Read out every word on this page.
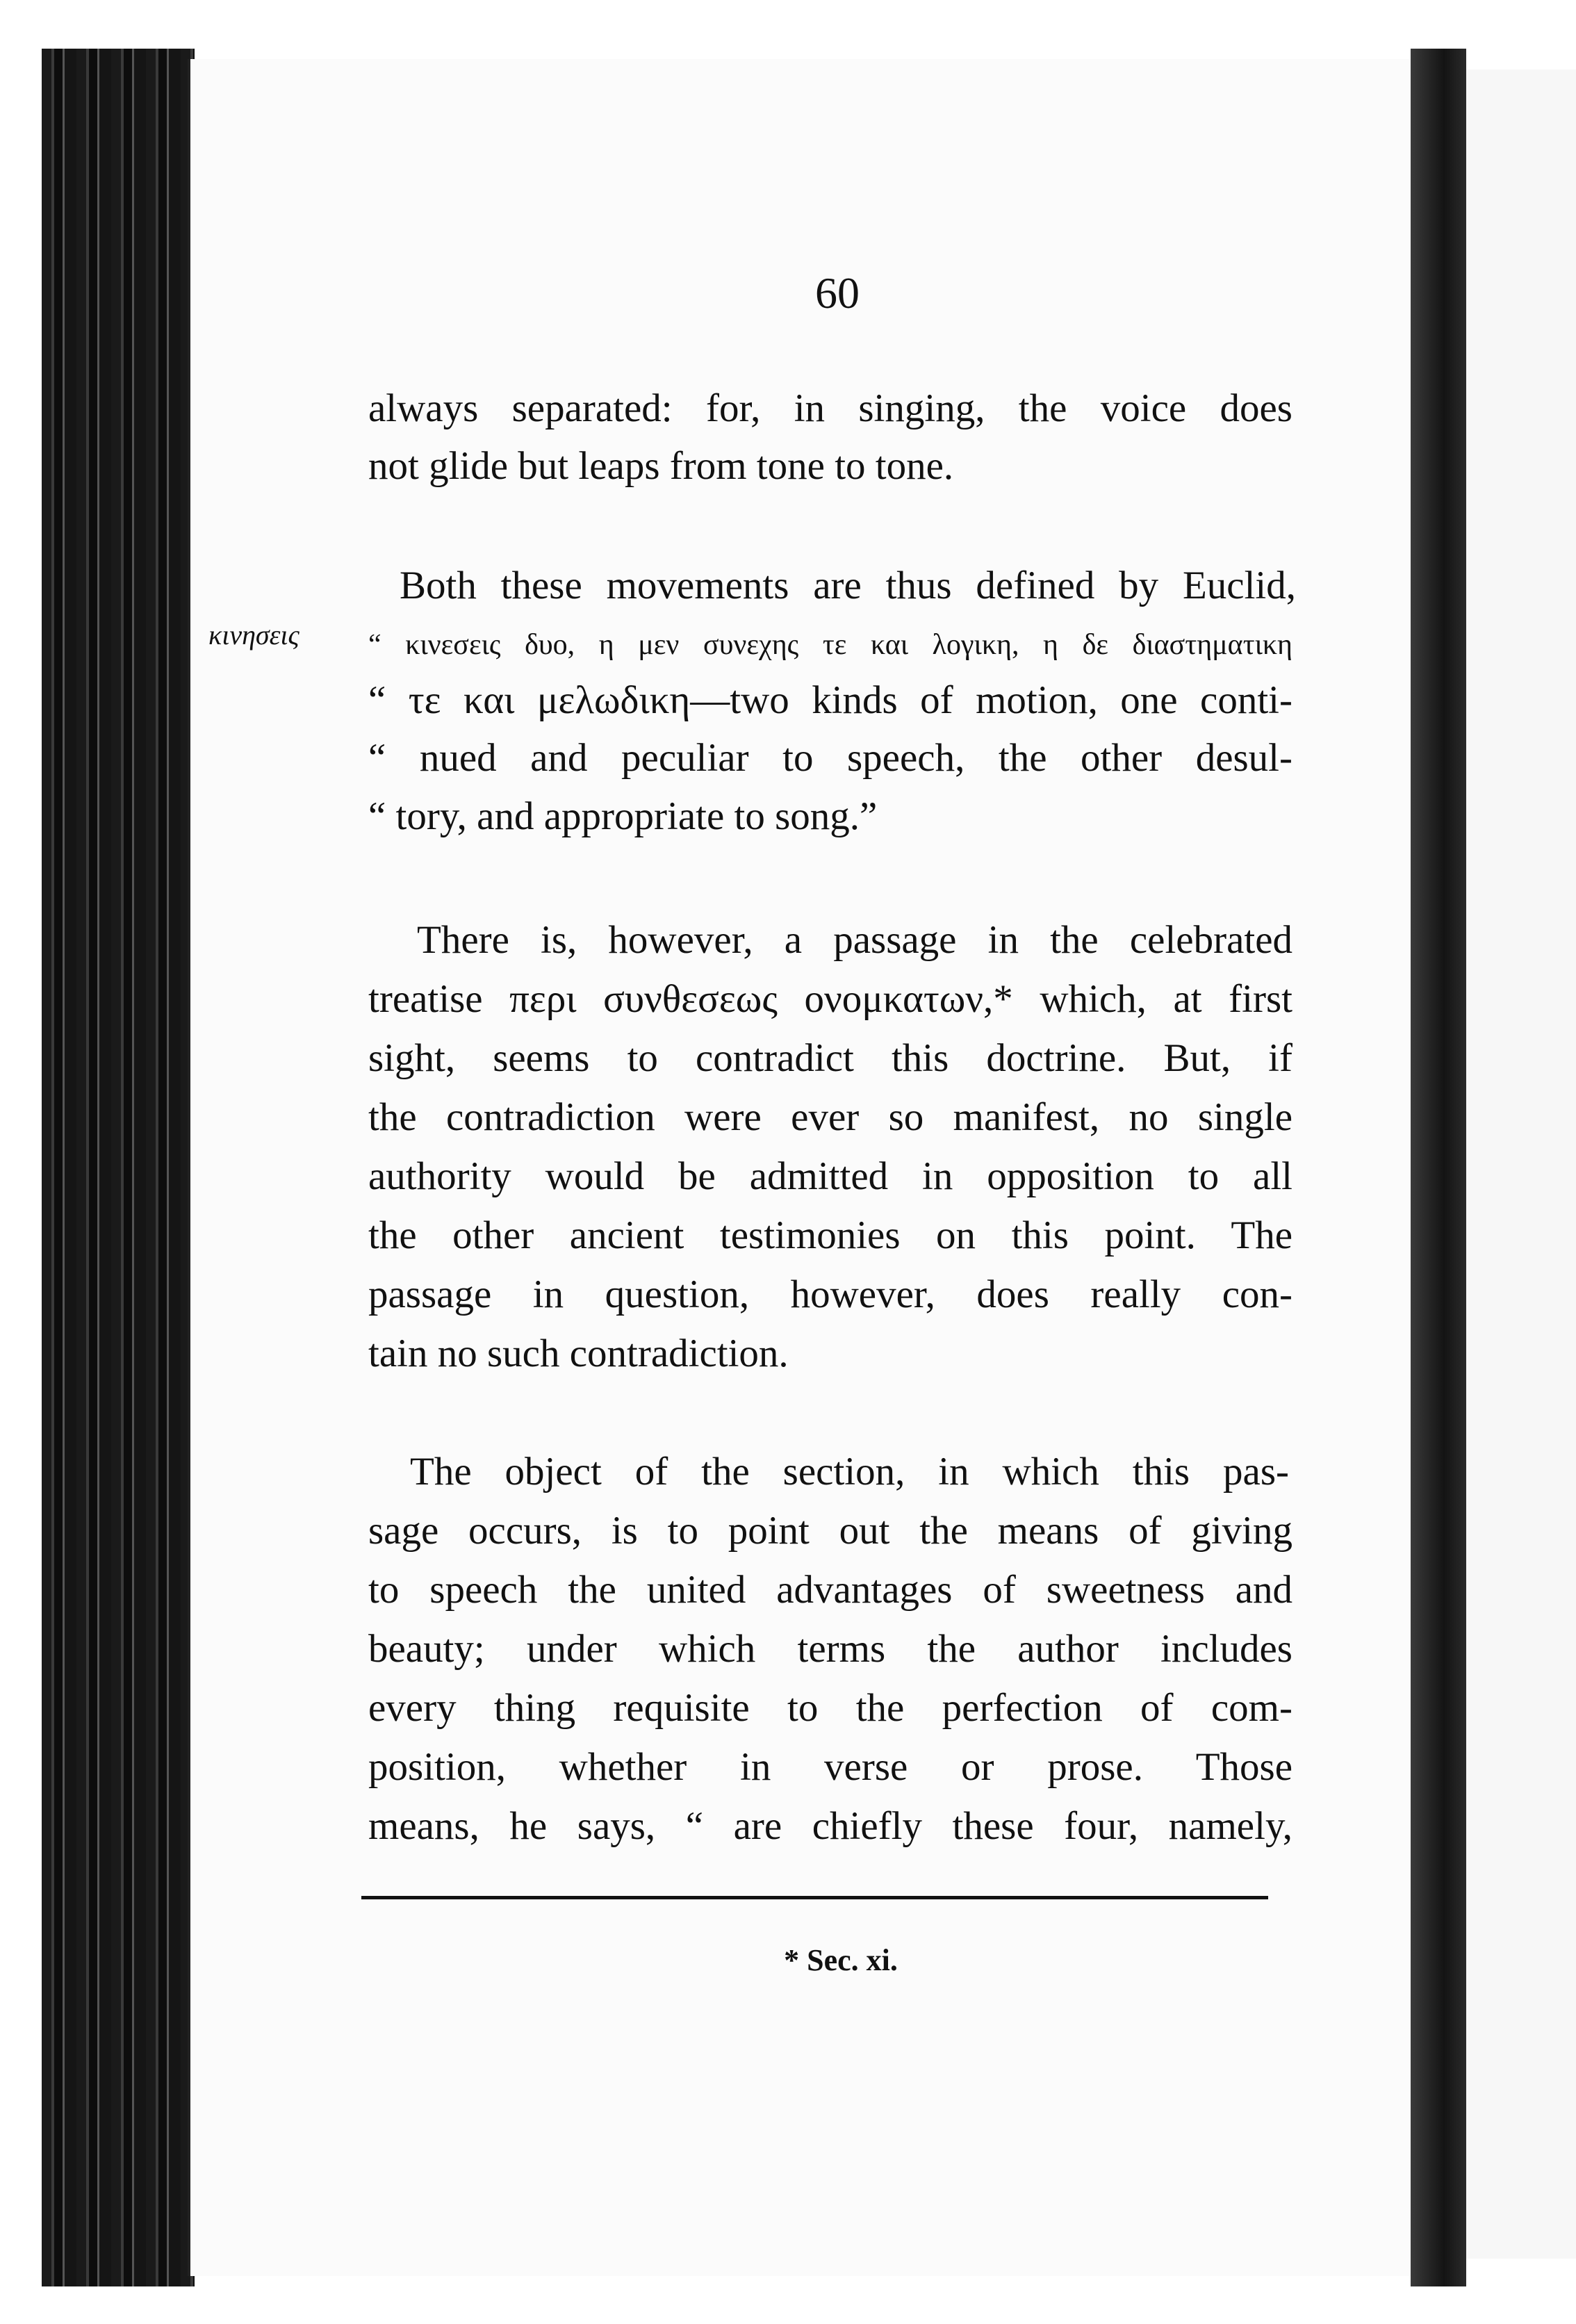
60
κινησεις
always separated: for, in singing, the voice does
not glide but leaps from tone to tone.
Both these movements are thus defined by Euclid,
“ κινεσεις δυο, η μεν συνεχης τε και λογικη, η δε διαστηματικη
“ τε και μελωδικη—two kinds of motion, one conti-
“ nued and peculiar to speech, the other desul-
“ tory, and appropriate to song.”
There is, however, a passage in the celebrated
treatise περι συνθεσεως ονομκατων,* which, at first
sight, seems to contradict this doctrine. But, if
the contradiction were ever so manifest, no single
authority would be admitted in opposition to all
the other ancient testimonies on this point. The
passage in question, however, does really con-
tain no such contradiction.
The object of the section, in which this pas-
sage occurs, is to point out the means of giving
to speech the united advantages of sweetness and
beauty; under which terms the author includes
every thing requisite to the perfection of com-
position, whether in verse or prose. Those
means, he says, “ are chiefly these four, namely,
* Sec. xi.
